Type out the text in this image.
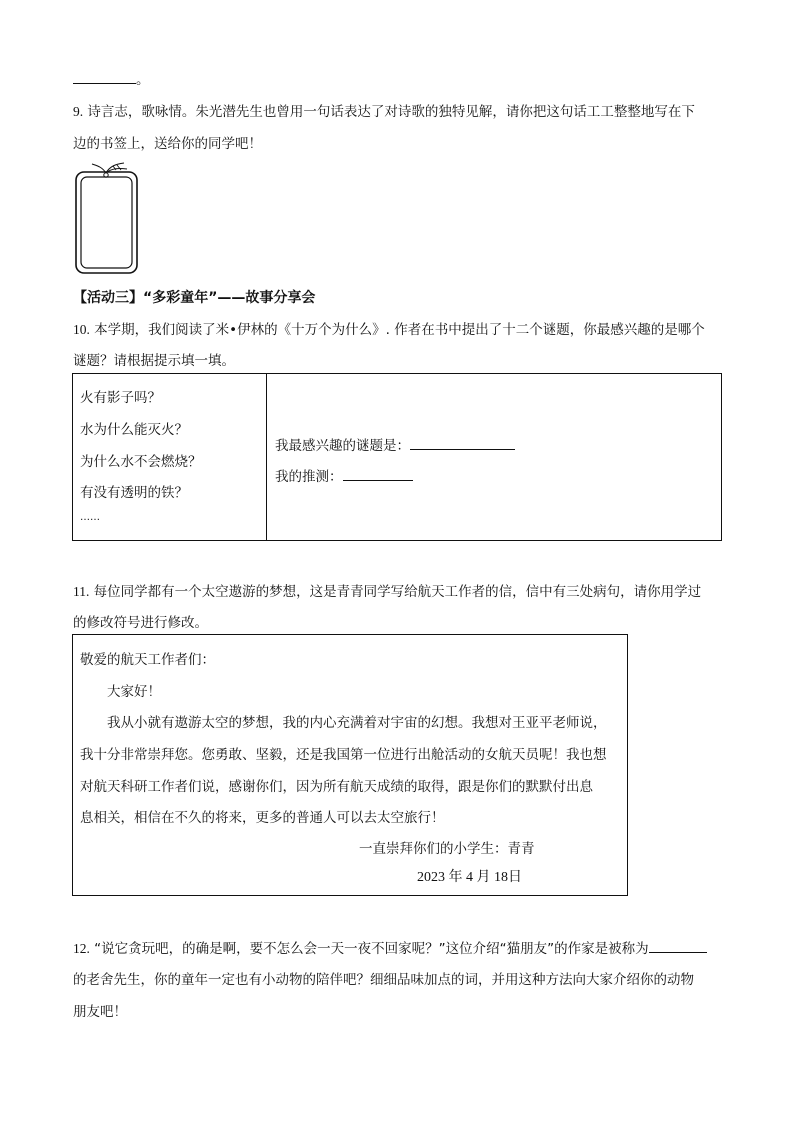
。
9. 诗言志，歌咏情。朱光潜先生也曾用一句话表达了对诗歌的独特见解，请你把这句话工工整整地写在下
边的书签上，送给你的同学吧！
【活动三】“多彩童年”——故事分享会
10. 本学期，我们阅读了米•伊林的《十万个为什么》. 作者在书中提出了十二个谜题，你最感兴趣的是哪个
谜题？请根据提示填一填。
火有影子吗？
水为什么能灭火？
为什么水不会燃烧？
有没有透明的铁？
……
我最感兴趣的谜题是：
我的推测：
11. 每位同学都有一个太空遨游的梦想，这是青青同学写给航天工作者的信，信中有三处病句，请你用学过
的修改符号进行修改。
敬爱的航天工作者们：
大家好！
我从小就有遨游太空的梦想，我的内心充满着对宇宙的幻想。我想对王亚平老师说，
我十分非常崇拜您。您勇敢、坚毅，还是我国第一位进行出舱活动的女航天员呢！我也想
对航天科研工作者们说，感谢你们，因为所有航天成绩的取得，跟是你们的默默付出息
息相关，相信在不久的将来，更多的普通人可以去太空旅行！
一直崇拜你们的小学生：青青
2023 年 4 月 18日
12. “说它贪玩吧，的确是啊，要不怎么会一天一夜不回家呢？”这位介绍“猫朋友”的作家是被称为
的老舍先生，你的童年一定也有小动物的陪伴吧？细细品味加点的词，并用这种方法向大家介绍你的动物
朋友吧！
